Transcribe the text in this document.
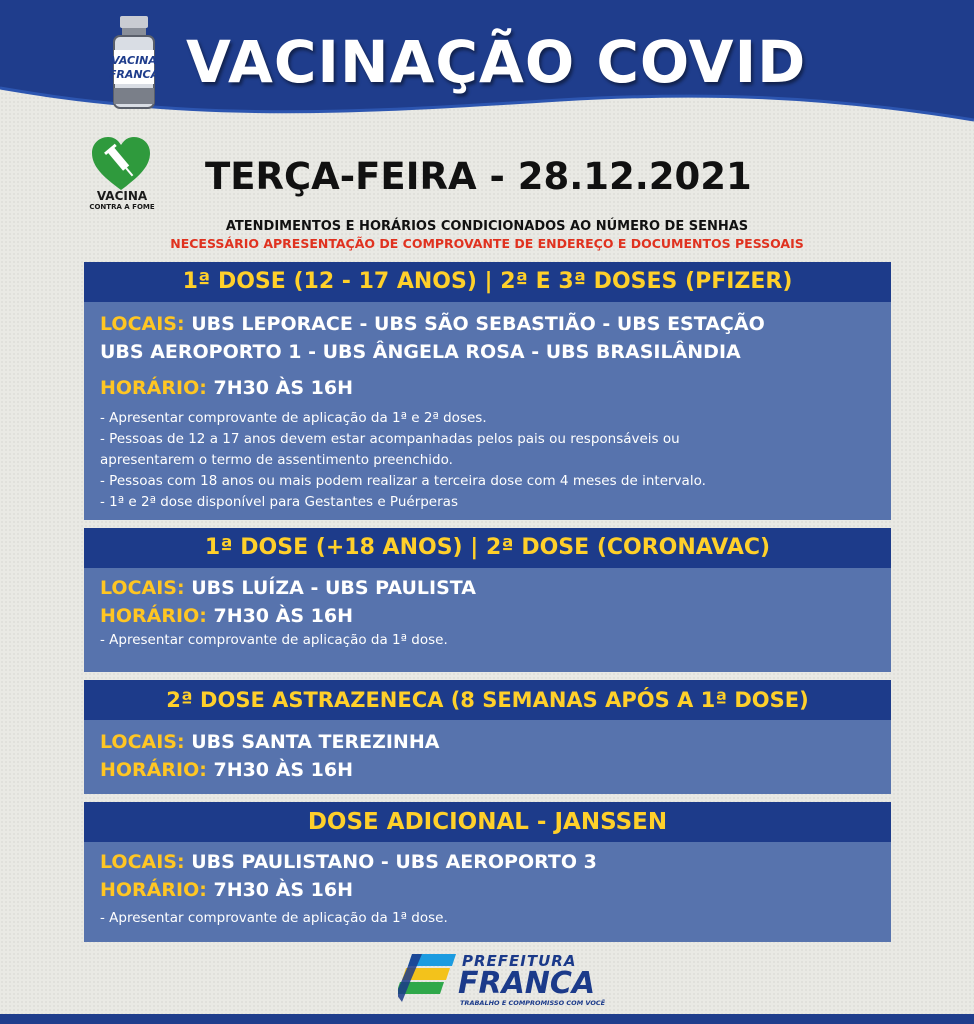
VACINA
FRANCA VACINAÇÃO COVID
VACINA
CONTRA A FOME
TERÇA-FEIRA - 28.12.2021
ATENDIMENTOS E HORÁRIOS CONDICIONADOS AO NÚMERO DE SENHAS
NECESSÁRIO APRESENTAÇÃO DE COMPROVANTE DE ENDEREÇO E DOCUMENTOS PESSOAIS
1ª DOSE (12 - 17 ANOS) | 2ª E 3ª DOSES (PFIZER)
LOCAIS: UBS LEPORACE - UBS SÃO SEBASTIÃO - UBS ESTAÇÃO
UBS AEROPORTO 1 - UBS ÂNGELA ROSA - UBS BRASILÂNDIA
HORÁRIO: 7H30 ÀS 16H
- Apresentar comprovante de aplicação da 1ª e 2ª doses.
- Pessoas de 12 a 17 anos devem estar acompanhadas pelos pais ou responsáveis ou
apresentarem o termo de assentimento preenchido.
- Pessoas com 18 anos ou mais podem realizar a terceira dose com 4 meses de intervalo.
- 1ª e 2ª dose disponível para Gestantes e Puérperas
1ª DOSE (+18 ANOS) | 2ª DOSE (CORONAVAC)
LOCAIS: UBS LUÍZA - UBS PAULISTA
HORÁRIO: 7H30 ÀS 16H
- Apresentar comprovante de aplicação da 1ª dose.
2ª DOSE ASTRAZENECA (8 SEMANAS APÓS A 1ª DOSE)
LOCAIS: UBS SANTA TEREZINHA
HORÁRIO: 7H30 ÀS 16H
DOSE ADICIONAL - JANSSEN
LOCAIS: UBS PAULISTANO - UBS AEROPORTO 3
HORÁRIO: 7H30 ÀS 16H
- Apresentar comprovante de aplicação da 1ª dose.
PREFEITURA
FRANCA
TRABALHO E COMPROMISSO COM VOCÊ
